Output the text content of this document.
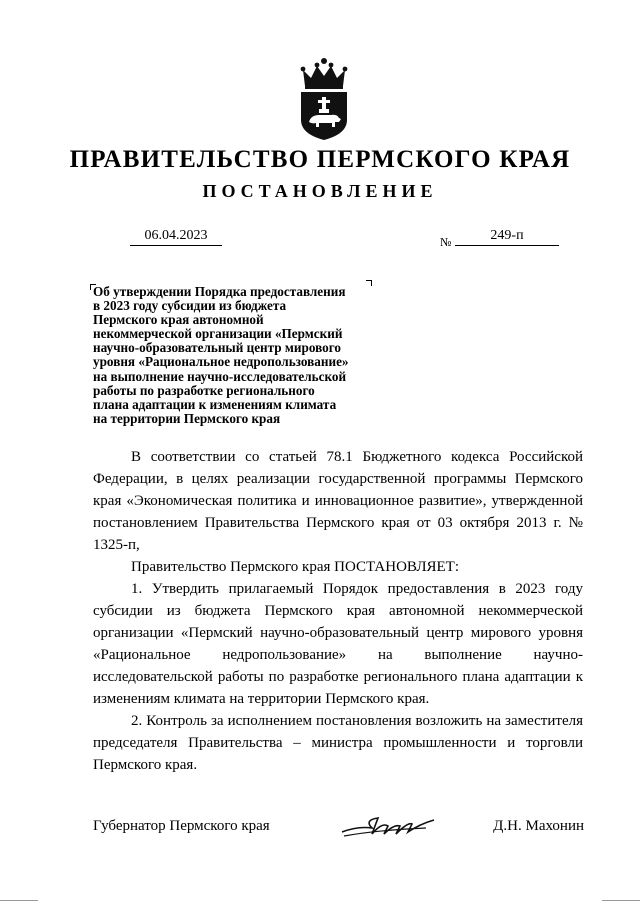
ПРАВИТЕЛЬСТВО ПЕРМСКОГО КРАЯ
ПОСТАНОВЛЕНИЕ
06.04.2023	№	249-п
Об утверждении Порядка предоставления
в 2023 году субсидии из бюджета
Пермского края автономной
некоммерческой организации «Пермский
научно-образовательный центр мирового
уровня «Рациональное недропользование»
на выполнение научно-исследовательской
работы по разработке регионального
плана адаптации к изменениям климата
на территории Пермского края

В соответствии со статьей 78.1 Бюджетного кодекса Российской Федерации, в целях реализации государственной программы Пермского края «Экономическая политика и инновационное развитие», утвержденной постановлением Правительства Пермского края от 03 октября 2013 г. № 1325-п,

Правительство Пермского края ПОСТАНОВЛЯЕТ:

1. Утвердить прилагаемый Порядок предоставления в 2023 году субсидии из бюджета Пермского края автономной некоммерческой организации «Пермский научно-образовательный центр мирового уровня «Рациональное недропользование» на выполнение научно-исследовательской работы по разработке регионального плана адаптации к изменениям климата на территории Пермского края.

2. Контроль за исполнением постановления возложить на заместителя председателя Правительства – министра промышленности и торговли Пермского края.

Губернатор Пермского края	Д.Н. Махонин
